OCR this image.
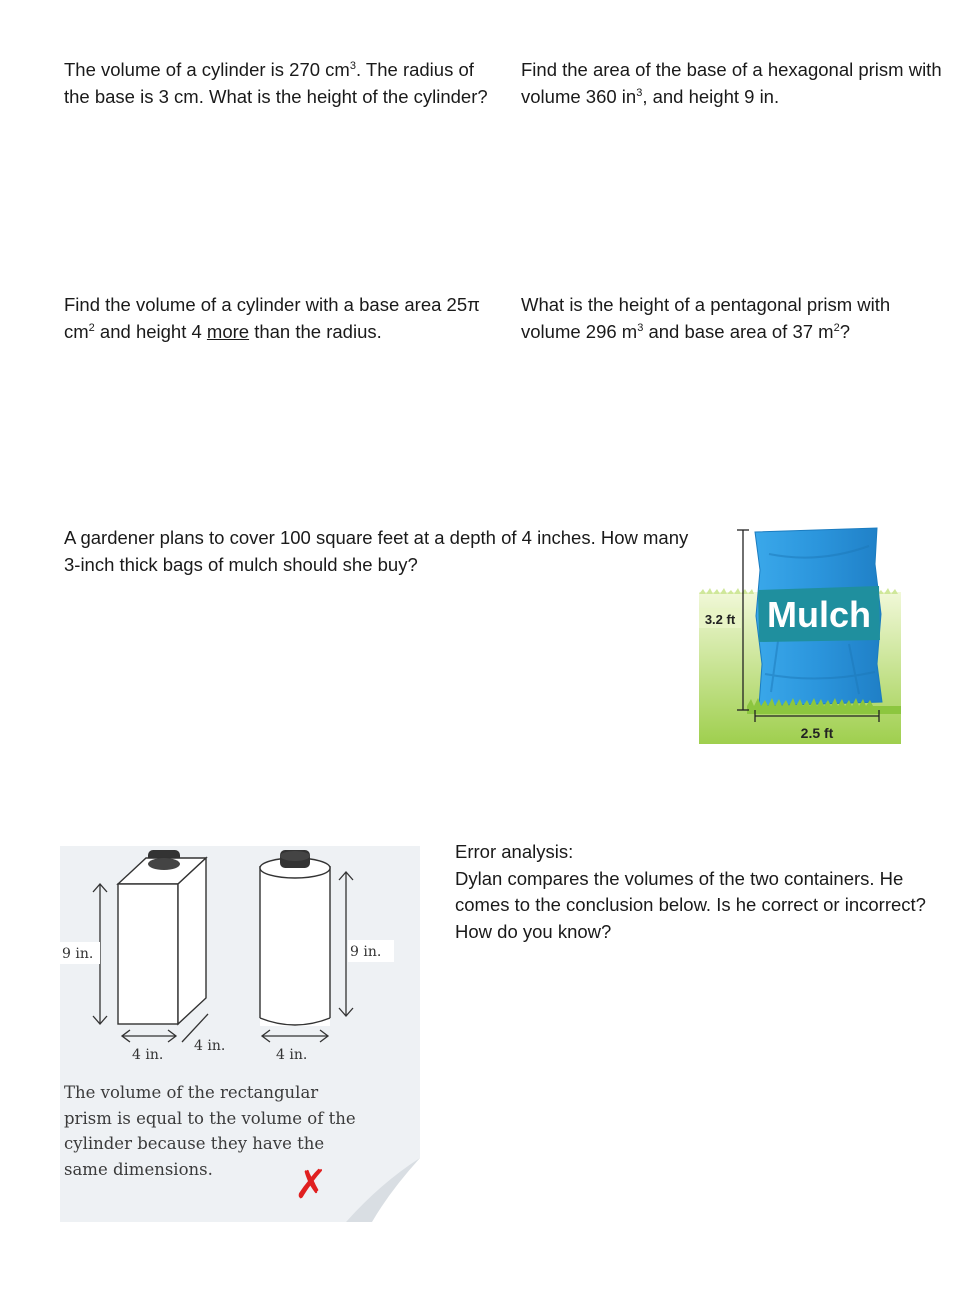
The volume of a cylinder is 270 $cm^3$. The radius of the base is 3 cm. What is the height of the cylinder?

Find the area of the base of a hexagonal prism with volume 360 $in^3$, and height 9 in.

Find the volume of a cylinder with a base area 25π $cm^2$ and height 4 more than the radius.

What is the height of a pentagonal prism with volume 296 $m^3$ and base area of 37 $m^2$?

A gardener plans to cover 100 square feet at a depth of 4 inches. How many 3-inch thick bags of mulch should she buy?

Mulch
3.2 ft
2.5 ft
9 in.
4 in.
4 in.
9 in.
4 in.
✗

The volume of the rectangular prism is equal to the volume of the cylinder because they have the same dimensions.

Error analysis:
Dylan compares the volumes of the two containers. He comes to the conclusion below. Is he correct or incorrect? How do you know?
